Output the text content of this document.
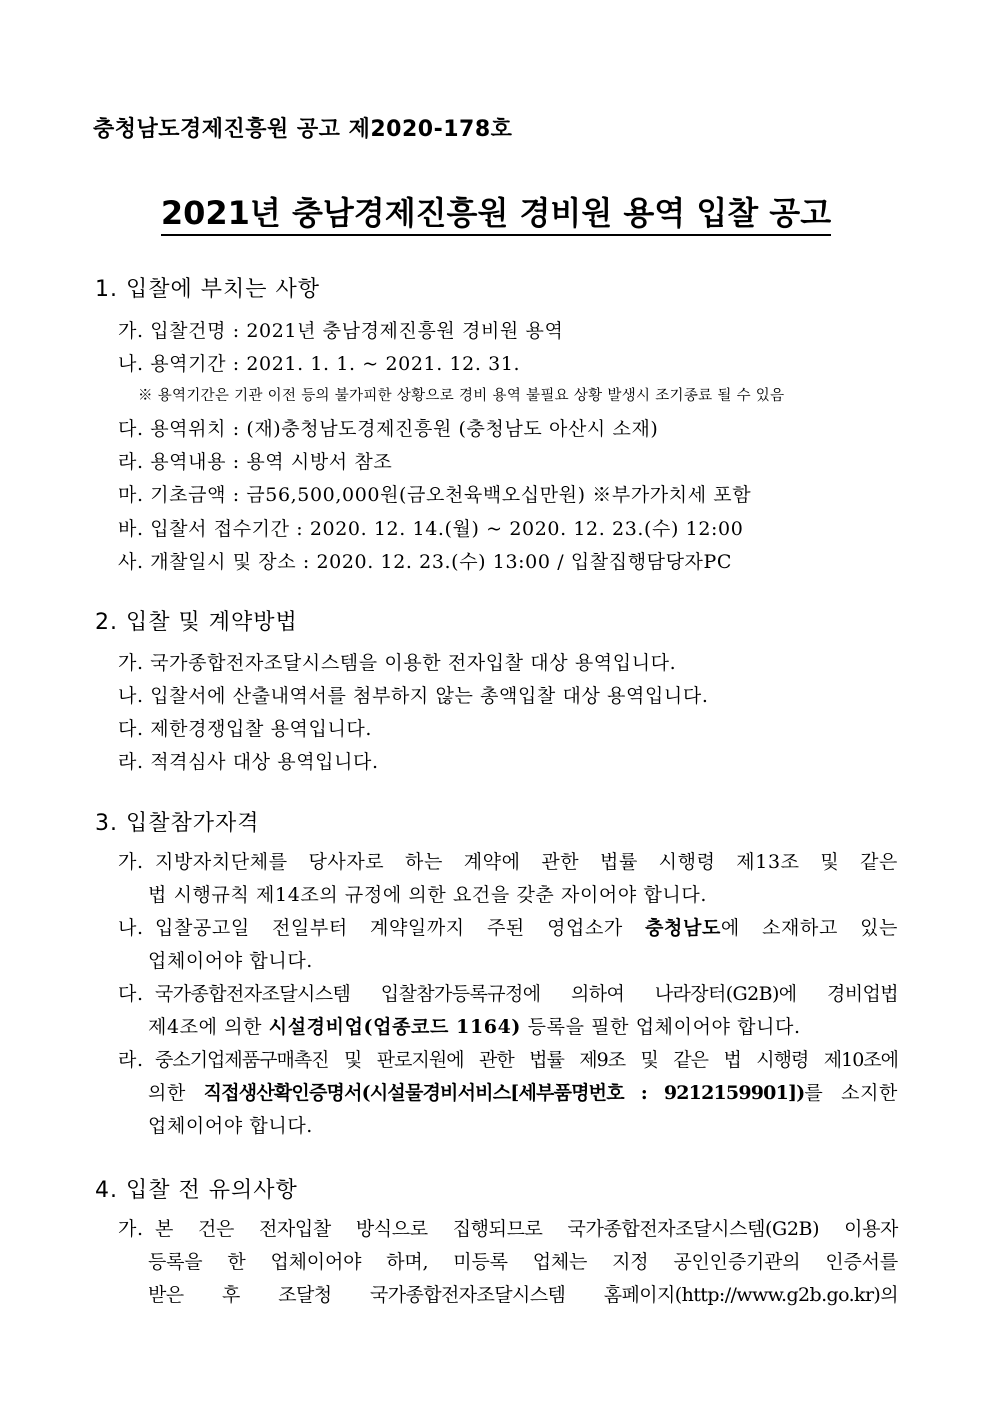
충청남도경제진흥원 공고 제2020-178호
2021년 충남경제진흥원 경비원 용역 입찰 공고
1. 입찰에 부치는 사항
가. 입찰건명 : 2021년 충남경제진흥원 경비원 용역
나. 용역기간 : 2021. 1. 1. ~ 2021. 12. 31.
※ 용역기간은 기관 이전 등의 불가피한 상황으로 경비 용역 불필요 상황 발생시 조기종료 될 수 있음
다. 용역위치 : (재)충청남도경제진흥원 (충청남도 아산시 소재)
라. 용역내용 : 용역 시방서 참조
마. 기초금액 : 금56,500,000원(금오천육백오십만원) ※부가가치세 포함
바. 입찰서 접수기간 : 2020. 12. 14.(월) ~ 2020. 12. 23.(수) 12:00
사. 개찰일시 및 장소 : 2020. 12. 23.(수) 13:00 / 입찰집행담당자PC
2. 입찰 및 계약방법
가. 국가종합전자조달시스템을 이용한 전자입찰 대상 용역입니다.
나. 입찰서에 산출내역서를 첨부하지 않는 총액입찰 대상 용역입니다.
다. 제한경쟁입찰 용역입니다.
라. 적격심사 대상 용역입니다.
3. 입찰참가자격
가. 지방자치단체를 당사자로 하는 계약에 관한 법률 시행령 제13조 및 같은
법 시행규칙 제14조의 규정에 의한 요건을 갖춘 자이어야 합니다.
나. 입찰공고일 전일부터 계약일까지 주된 영업소가 충청남도에 소재하고 있는
업체이어야 합니다.
다. 국가종합전자조달시스템 입찰참가등록규정에 의하여 나라장터(G2B)에 경비업법
제4조에 의한 시설경비업(업종코드 1164) 등록을 필한 업체이어야 합니다.
라. 중소기업제품구매촉진 및 판로지원에 관한 법률 제9조 및 같은 법 시행령 제10조에
의한 직접생산확인증명서(시설물경비서비스[세부품명번호 : 9212159901])를 소지한
업체이어야 합니다.
4. 입찰 전 유의사항
가. 본 건은 전자입찰 방식으로 집행되므로 국가종합전자조달시스템(G2B) 이용자
등록을 한 업체이어야 하며, 미등록 업체는 지정 공인인증기관의 인증서를
받은 후 조달청 국가종합전자조달시스템 홈페이지(http://www.g2b.go.kr)의
